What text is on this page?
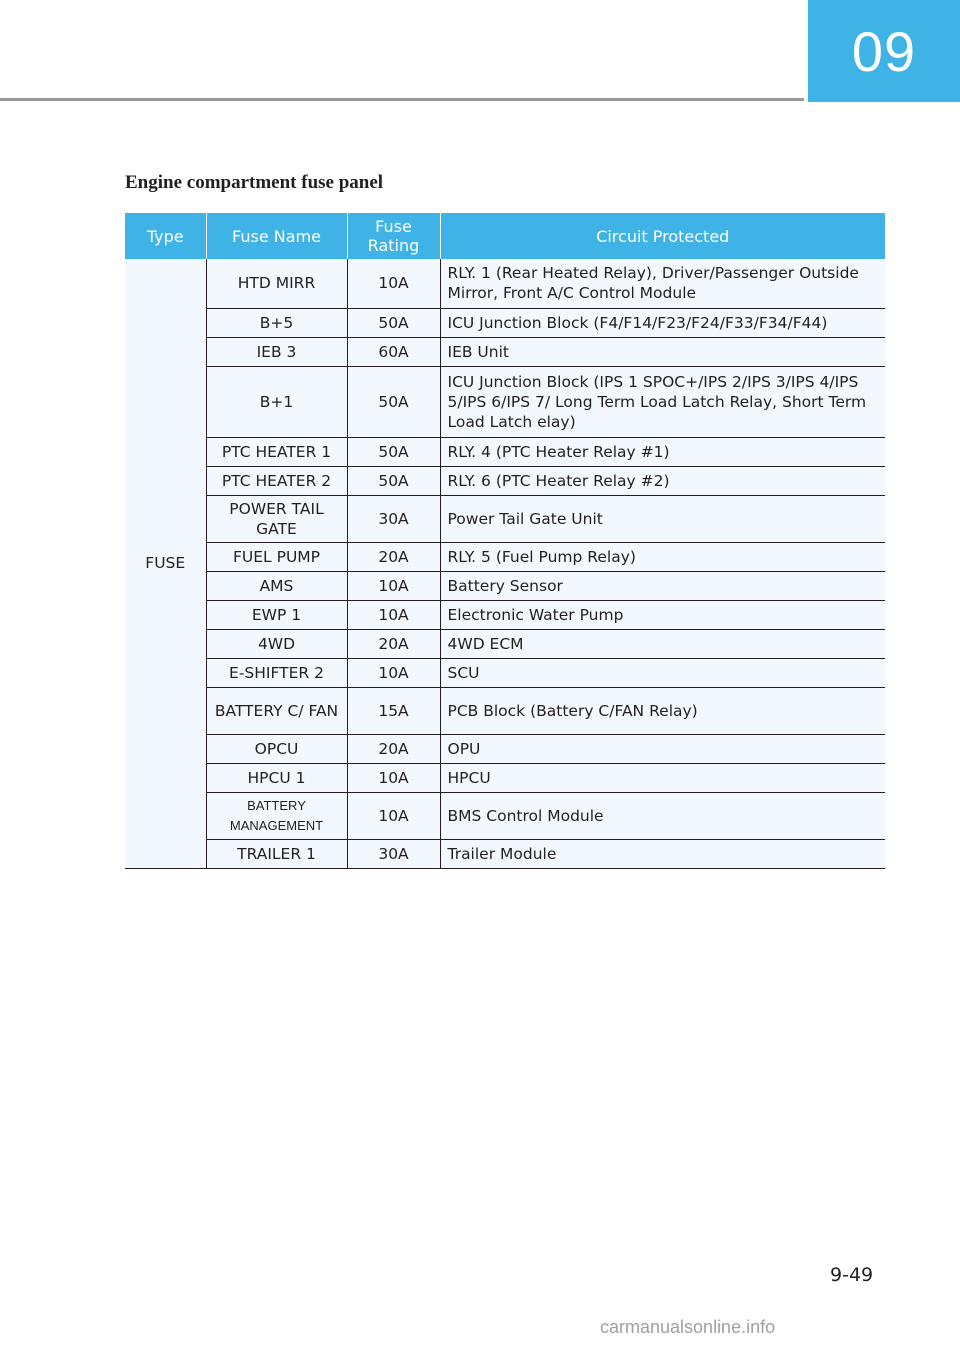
09
Engine compartment fuse panel
Type	Fuse Name	Fuse Rating	Circuit Protected
FUSE	HTD MIRR	10A	RLY. 1 (Rear Heated Relay), Driver/Passenger Outside Mirror, Front A/C Control Module
	B+5	50A	ICU Junction Block (F4/F14/F23/F24/F33/F34/F44)
	IEB 3	60A	IEB Unit
	B+1	50A	ICU Junction Block (IPS 1 SPOC+/IPS 2/IPS 3/IPS 4/IPS 5/IPS 6/IPS 7/ Long Term Load Latch Relay, Short Term Load Latch elay)
	PTC HEATER 1	50A	RLY. 4 (PTC Heater Relay #1)
	PTC HEATER 2	50A	RLY. 6 (PTC Heater Relay #2)
	POWER TAIL GATE	30A	Power Tail Gate Unit
	FUEL PUMP	20A	RLY. 5 (Fuel Pump Relay)
	AMS	10A	Battery Sensor
	EWP 1	10A	Electronic Water Pump
	4WD	20A	4WD ECM
	E-SHIFTER 2	10A	SCU
	BATTERY C/ FAN	15A	PCB Block (Battery C/FAN Relay)
	OPCU	20A	OPU
	HPCU 1	10A	HPCU
	BATTERY MANAGEMENT	10A	BMS Control Module
	TRAILER 1	30A	Trailer Module
9-49
carmanualsonline.info
